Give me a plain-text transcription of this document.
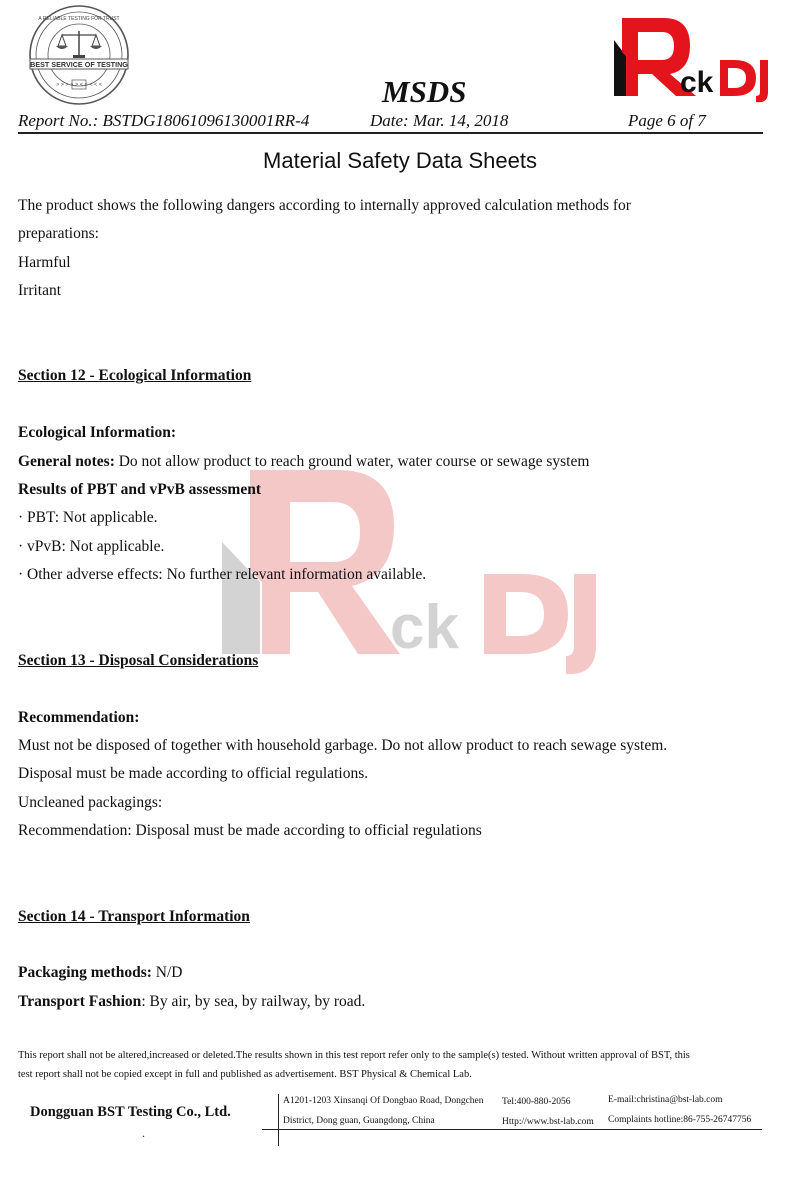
BEST SERVICE OF TESTING
A RELIABLE TESTING FOR TRUST
> > > > > < < < < <	ck
MSDS
Report No.: BSTDG18061096130001RR-4	Date: Mar. 14, 2018	Page 6 of 7
Material Safety Data Sheets
ck
The product shows the following dangers according to internally approved calculation methods for
preparations:
Harmful
Irritant
Section 12 - Ecological Information
Ecological Information:
General notes: Do not allow product to reach ground water, water course or sewage system
Results of PBT and vPvB assessment
· PBT: Not applicable.
· vPvB: Not applicable.
· Other adverse effects: No further relevant information available.
Section 13 - Disposal Considerations
Recommendation:
Must not be disposed of together with household garbage. Do not allow product to reach sewage system.
Disposal must be made according to official regulations.
Uncleaned packagings:
Recommendation: Disposal must be made according to official regulations
Section 14 - Transport Information
Packaging methods: N/D
Transport Fashion: By air, by sea, by railway, by road.
This report shall not be altered,increased or deleted.The results shown in this test report refer only to the sample(s) tested. Without written approval of BST, this
test report shall not be copied except in full and published as advertisement. BST Physical & Chemical Lab.
Dongguan BST Testing Co., Ltd.
.
A1201-1203 Xinsanqi Of Dongbao Road, Dongchen
District, Dong guan, Guangdong, China
Tel:400-880-2056
Http://www.bst-lab.com
E-mail:christina@bst-lab.com
Complaints hotline:86-755-26747756
